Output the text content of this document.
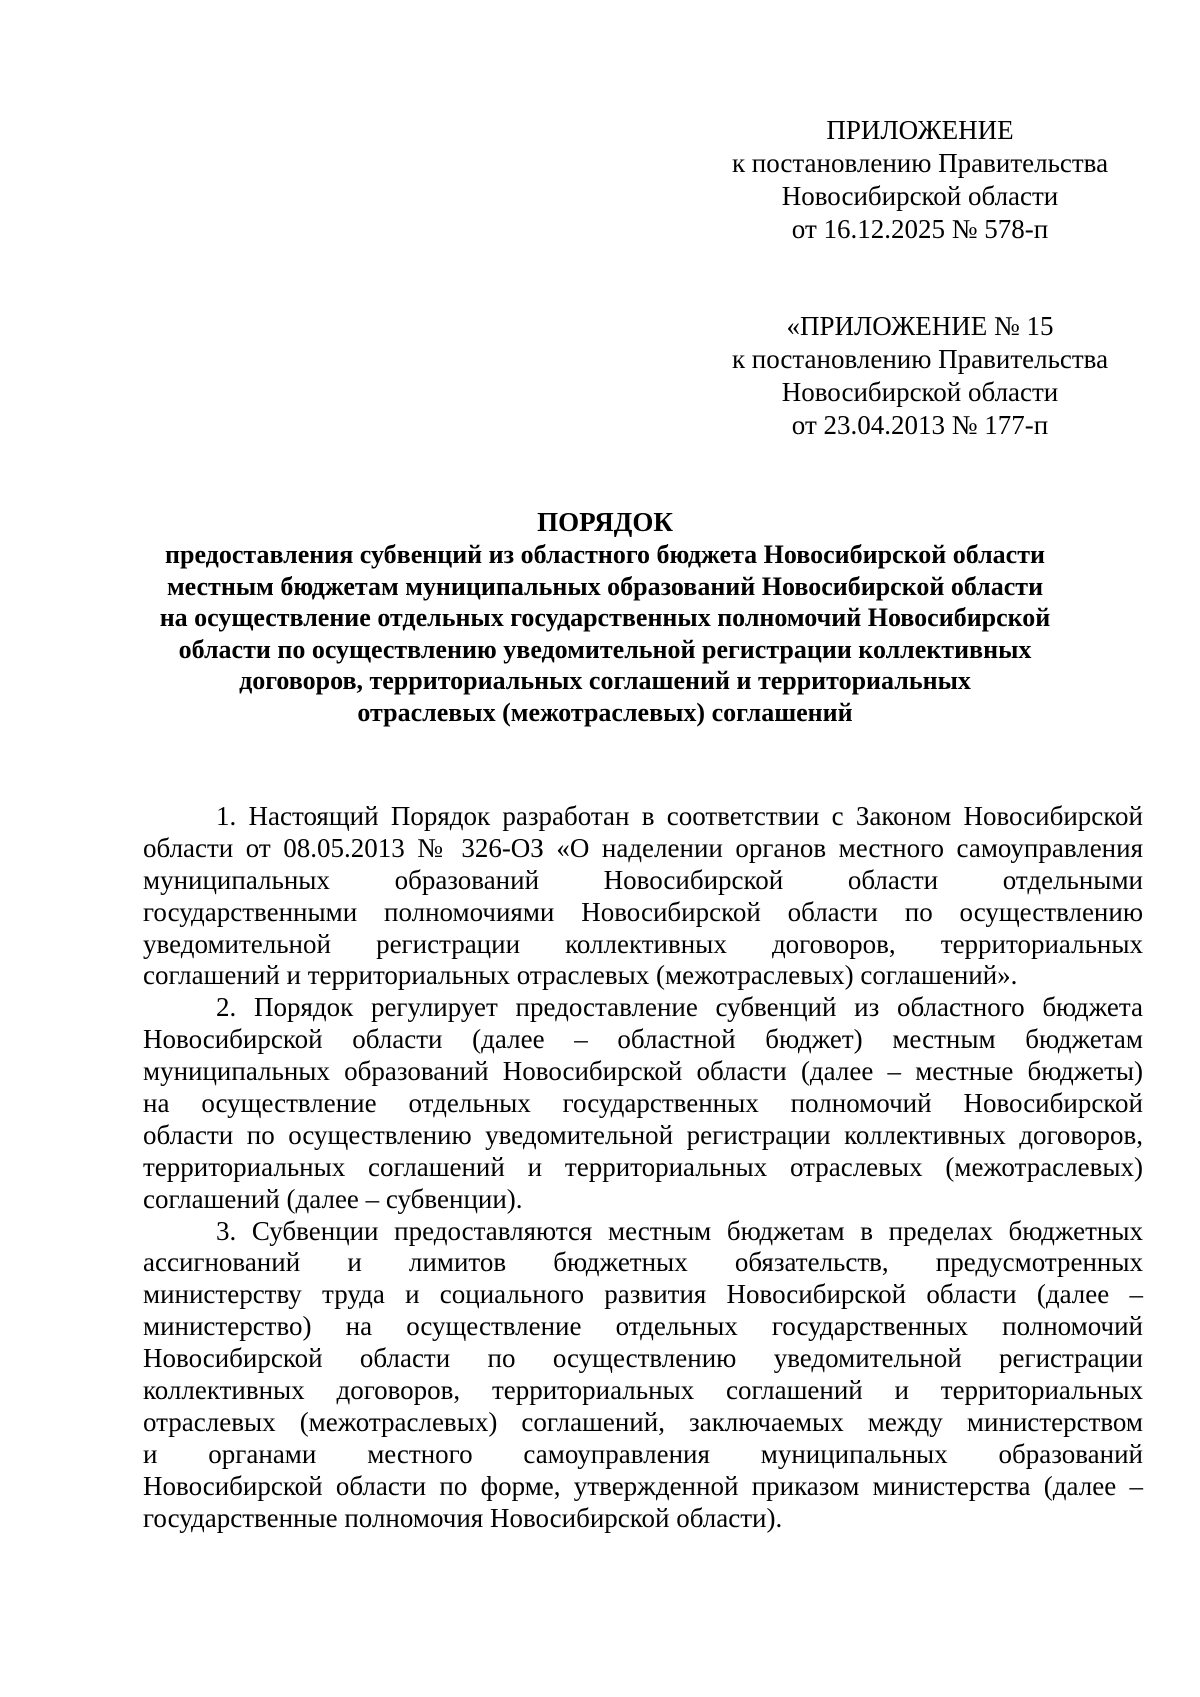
ПРИЛОЖЕНИЕ
к постановлению Правительства
Новосибирской области
от 16.12.2025 № 578-п
«ПРИЛОЖЕНИЕ № 15
к постановлению Правительства
Новосибирской области
от 23.04.2013 № 177-п
ПОРЯДОК
предоставления субвенций из областного бюджета Новосибирской области
местным бюджетам муниципальных образований Новосибирской области
на осуществление отдельных государственных полномочий Новосибирской
области по осуществлению уведомительной регистрации коллективных
договоров, территориальных соглашений и территориальных
отраслевых (межотраслевых) соглашений
1. Настоящий Порядок разработан в соответствии с Законом Новосибирской
области от 08.05.2013 № 326-ОЗ «О наделении органов местного самоуправления
муниципальных образований Новосибирской области отдельными
государственными полномочиями Новосибирской области по осуществлению
уведомительной регистрации коллективных договоров, территориальных
соглашений и территориальных отраслевых (межотраслевых) соглашений».
2. Порядок регулирует предоставление субвенций из областного бюджета
Новосибирской области (далее – областной бюджет) местным бюджетам
муниципальных образований Новосибирской области (далее – местные бюджеты)
на осуществление отдельных государственных полномочий Новосибирской
области по осуществлению уведомительной регистрации коллективных договоров,
территориальных соглашений и территориальных отраслевых (межотраслевых)
соглашений (далее – субвенции).
3. Субвенции предоставляются местным бюджетам в пределах бюджетных
ассигнований и лимитов бюджетных обязательств, предусмотренных
министерству труда и социального развития Новосибирской области (далее –
министерство) на осуществление отдельных государственных полномочий
Новосибирской области по осуществлению уведомительной регистрации
коллективных договоров, территориальных соглашений и территориальных
отраслевых (межотраслевых) соглашений, заключаемых между министерством
и органами местного самоуправления муниципальных образований
Новосибирской области по форме, утвержденной приказом министерства (далее –
государственные полномочия Новосибирской области).
